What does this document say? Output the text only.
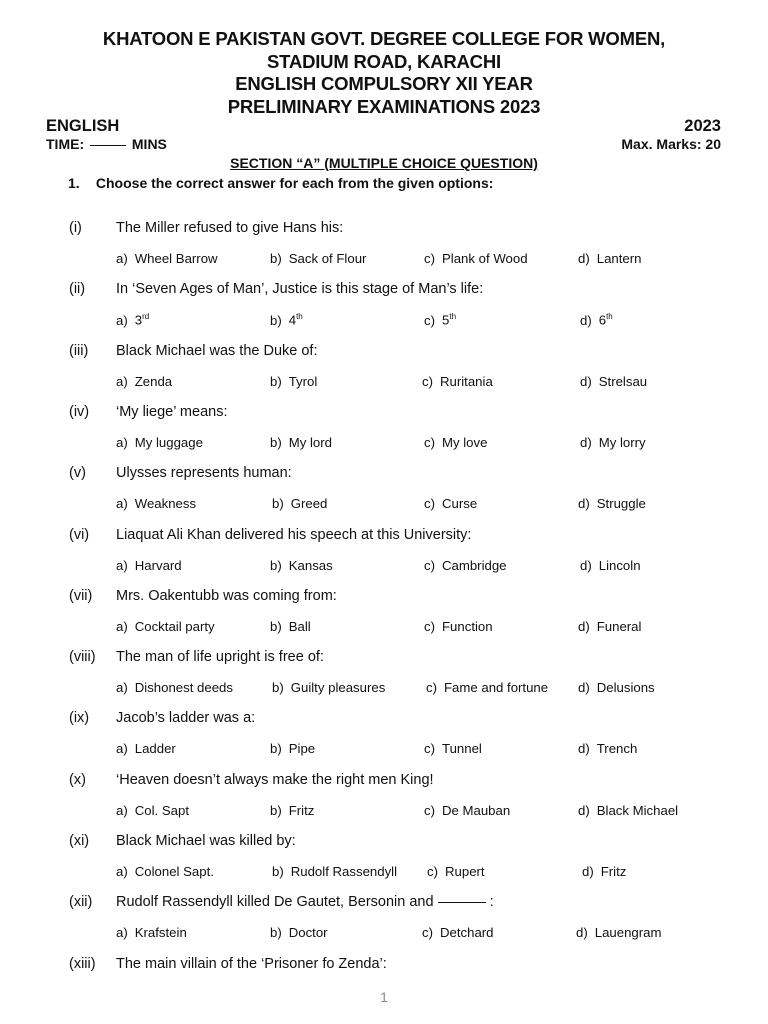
KHATOON E PAKISTAN GOVT. DEGREE COLLEGE FOR WOMEN,
STADIUM ROAD, KARACHI
ENGLISH COMPULSORY XII YEAR
PRELIMINARY EXAMINATIONS 2023
ENGLISH	2023
TIME:	MINS	Max. Marks: 20
SECTION “A” (MULTIPLE CHOICE QUESTION)
1. Choose the correct answer for each from the given options:
(i) The Miller refused to give Hans his:
a) Wheel Barrow	b) Sack of Flour	c) Plank of Wood	d) Lantern
(ii) In ‘Seven Ages of Man’, Justice is this stage of Man’s life:
a) 3rd	b) 4th	c) 5th	d) 6th
(iii) Black Michael was the Duke of:
a) Zenda	b) Tyrol	c) Ruritania	d) Strelsau
(iv) ‘My liege’ means:
a) My luggage	b) My lord	c) My love	d) My lorry
(v) Ulysses represents human:
a) Weakness	b) Greed	c) Curse	d) Struggle
(vi) Liaquat Ali Khan delivered his speech at this University:
a) Harvard	b) Kansas	c) Cambridge	d) Lincoln
(vii) Mrs. Oakentubb was coming from:
a) Cocktail party	b) Ball	c) Function	d) Funeral
(viii) The man of life upright is free of:
a) Dishonest deeds	b) Guilty pleasures	c) Fame and fortune d) Delusions
(ix) Jacob’s ladder was a:
a) Ladder	b) Pipe	c) Tunnel	d) Trench
(x) ‘Heaven doesn’t always make the right men King!
a) Col. Sapt	b) Fritz	c) De Mauban	d) Black Michael
(xi) Black Michael was killed by:
a) Colonel Sapt.	b) Rudolf Rassendyll c) Rupert	d) Fritz
(xii) Rudolf Rassendyll killed De Gautet, Bersonin and	:
a) Krafstein	b) Doctor	c) Detchard	d) Lauengram
(xiii) The main villain of the ‘Prisoner fo Zenda’:
1
